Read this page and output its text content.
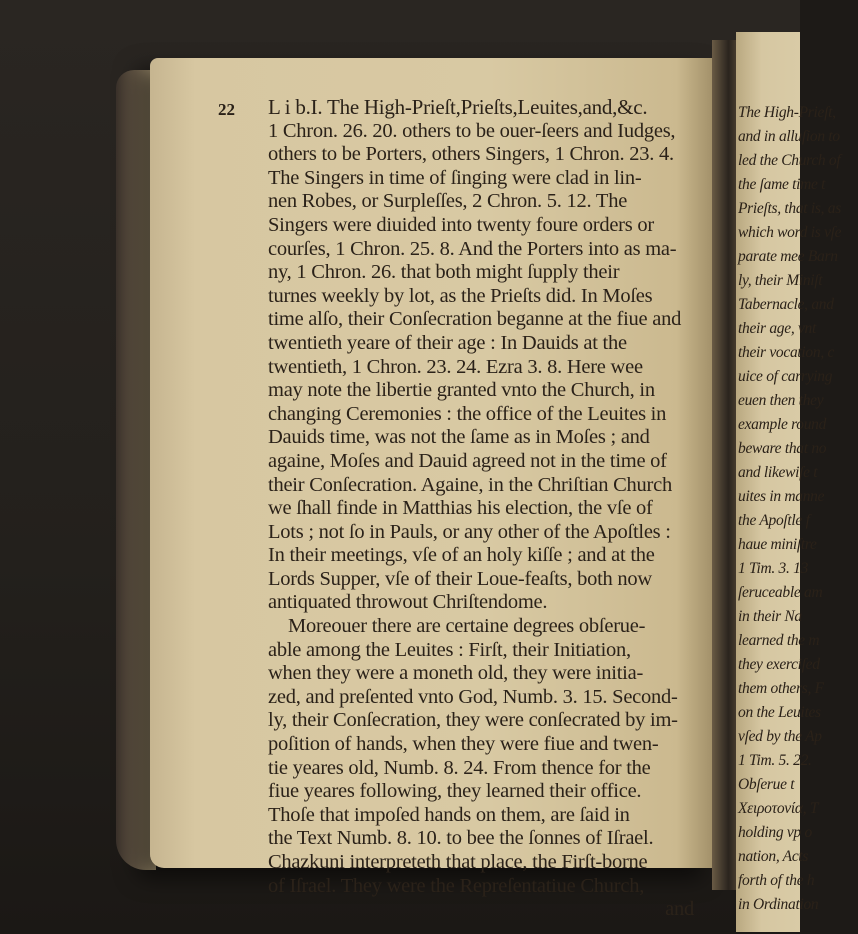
The High-Prieſt,
and in alluſion to
led the Church of
the ſame time t
Prieſts, that is, as
which word is vſe
parate mee Barn
ly, their Miniſt
Tabernacle, and
their age, vnt
their vocation, c
uice of carrying
euen then they
example round
beware that no
and likewiſe t
uites in manne
the Apoſtle f
haue miniſtre
1 Tim. 3. 13
ſeruceable am
in their Na
learned the m
they exerciſed
them others, F
on the Leuites
vſed by the Ap
1 Tim. 5. 22.
Obſerue t
Χειροτονία, T
holding vp o
nation, Acts
forth of the h
in Ordination
22 L i b.I. The High-Prieſt,Prieſts,Leuites,and,&c.
1 Chron. 26. 20. others to be ouer-ſeers and Iudges,
others to be Porters, others Singers, 1 Chron. 23. 4.
The Singers in time of ſinging were clad in lin-
nen Robes, or Surpleſſes, 2 Chron. 5. 12. The
Singers were diuided into twenty foure orders or
courſes, 1 Chron. 25. 8. And the Porters into as ma-
ny, 1 Chron. 26. that both might ſupply their
turnes weekly by lot, as the Prieſts did. In Moſes
time alſo, their Conſecration beganne at the fiue and
twentieth yeare of their age : In Dauids at the
twentieth, 1 Chron. 23. 24. Ezra 3. 8. Here wee
may note the libertie granted vnto the Church, in
changing Ceremonies : the office of the Leuites in
Dauids time, was not the ſame as in Moſes ; and
againe, Moſes and Dauid agreed not in the time of
their Conſecration. Againe, in the Chriſtian Church
we ſhall finde in Matthias his election, the vſe of
Lots ; not ſo in Pauls, or any other of the Apoſtles :
In their meetings, vſe of an holy kiſſe ; and at the
Lords Supper, vſe of their Loue-feaſts, both now
antiquated throwout Chriſtendome.
Moreouer there are certaine degrees obſerue-
able among the Leuites : Firſt, their Initiation,
when they were a moneth old, they were initia-
zed, and preſented vnto God, Numb. 3. 15. Second-
ly, their Conſecration, they were conſecrated by im-
poſition of hands, when they were fiue and twen-
tie yeares old, Numb. 8. 24. From thence for the
fiue yeares following, they learned their office.
Thoſe that impoſed hands on them, are ſaid in
the Text Numb. 8. 10. to bee the ſonnes of Iſrael.
Chazkuni interpreteth that place, the Firſt-borne
of Iſrael. They were the Repreſentatiue Church,
and
